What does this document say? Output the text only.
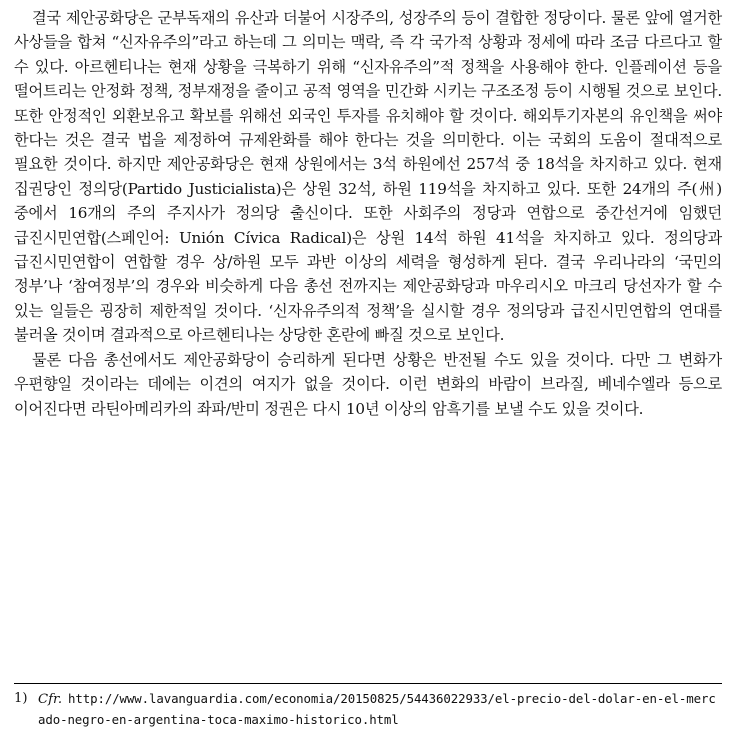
결국 제안공화당은 군부독재의 유산과 더불어 시장주의, 성장주의 등이 결합한 정당이다. 물론 앞에 열거한 사상들을 합쳐 “신자유주의”라고 하는데 그 의미는 맥락, 즉 각 국가적 상황과 정세에 따라 조금 다르다고 할 수 있다. 아르헨티나는 현재 상황을 극복하기 위해 “신자유주의”적 정책을 사용해야 한다. 인플레이션 등을 떨어트리는 안정화 정책, 정부재정을 줄이고 공적 영역을 민간화 시키는 구조조정 등이 시행될 것으로 보인다. 또한 안정적인 외환보유고 확보를 위해선 외국인 투자를 유치해야 할 것이다. 해외투기자본의 유인책을 써야 한다는 것은 결국 법을 제정하여 규제완화를 해야 한다는 것을 의미한다. 이는 국회의 도움이 절대적으로 필요한 것이다. 하지만 제안공화당은 현재 상원에서는 3석 하원에선 257석 중 18석을 차지하고 있다. 현재 집권당인 정의당(Partido Justicialista)은 상원 32석, 하원 119석을 차지하고 있다. 또한 24개의 주(州)중에서 16개의 주의 주지사가 정의당 출신이다. 또한 사회주의 정당과 연합으로 중간선거에 임했던 급진시민연합(스페인어: Unión Cívica Radical)은 상원 14석 하원 41석을 차지하고 있다. 정의당과 급진시민연합이 연합할 경우 상/하원 모두 과반 이상의 세력을 형성하게 된다. 결국 우리나라의 ‘국민의 정부’나 ‘참여정부’의 경우와 비슷하게 다음 총선 전까지는 제안공화당과 마우리시오 마크리 당선자가 할 수 있는 일들은 굉장히 제한적일 것이다. ‘신자유주의적 정책’을 실시할 경우 정의당과 급진시민연합의 연대를 불러올 것이며 결과적으로 아르헨티나는 상당한 혼란에 빠질 것으로 보인다.

물론 다음 총선에서도 제안공화당이 승리하게 된다면 상황은 반전될 수도 있을 것이다. 다만 그 변화가 우편향일 것이라는 데에는 이견의 여지가 없을 것이다. 이런 변화의 바람이 브라질, 베네수엘라 등으로 이어진다면 라틴아메리카의 좌파/반미 정권은 다시 10년 이상의 암흑기를 보낼 수도 있을 것이다.

1) Cfr. http://www.lavanguardia.com/economia/20150825/54436022933/el-precio-del-dolar-en-el-mercado-negro-en-argentina-toca-maximo-historico.html
